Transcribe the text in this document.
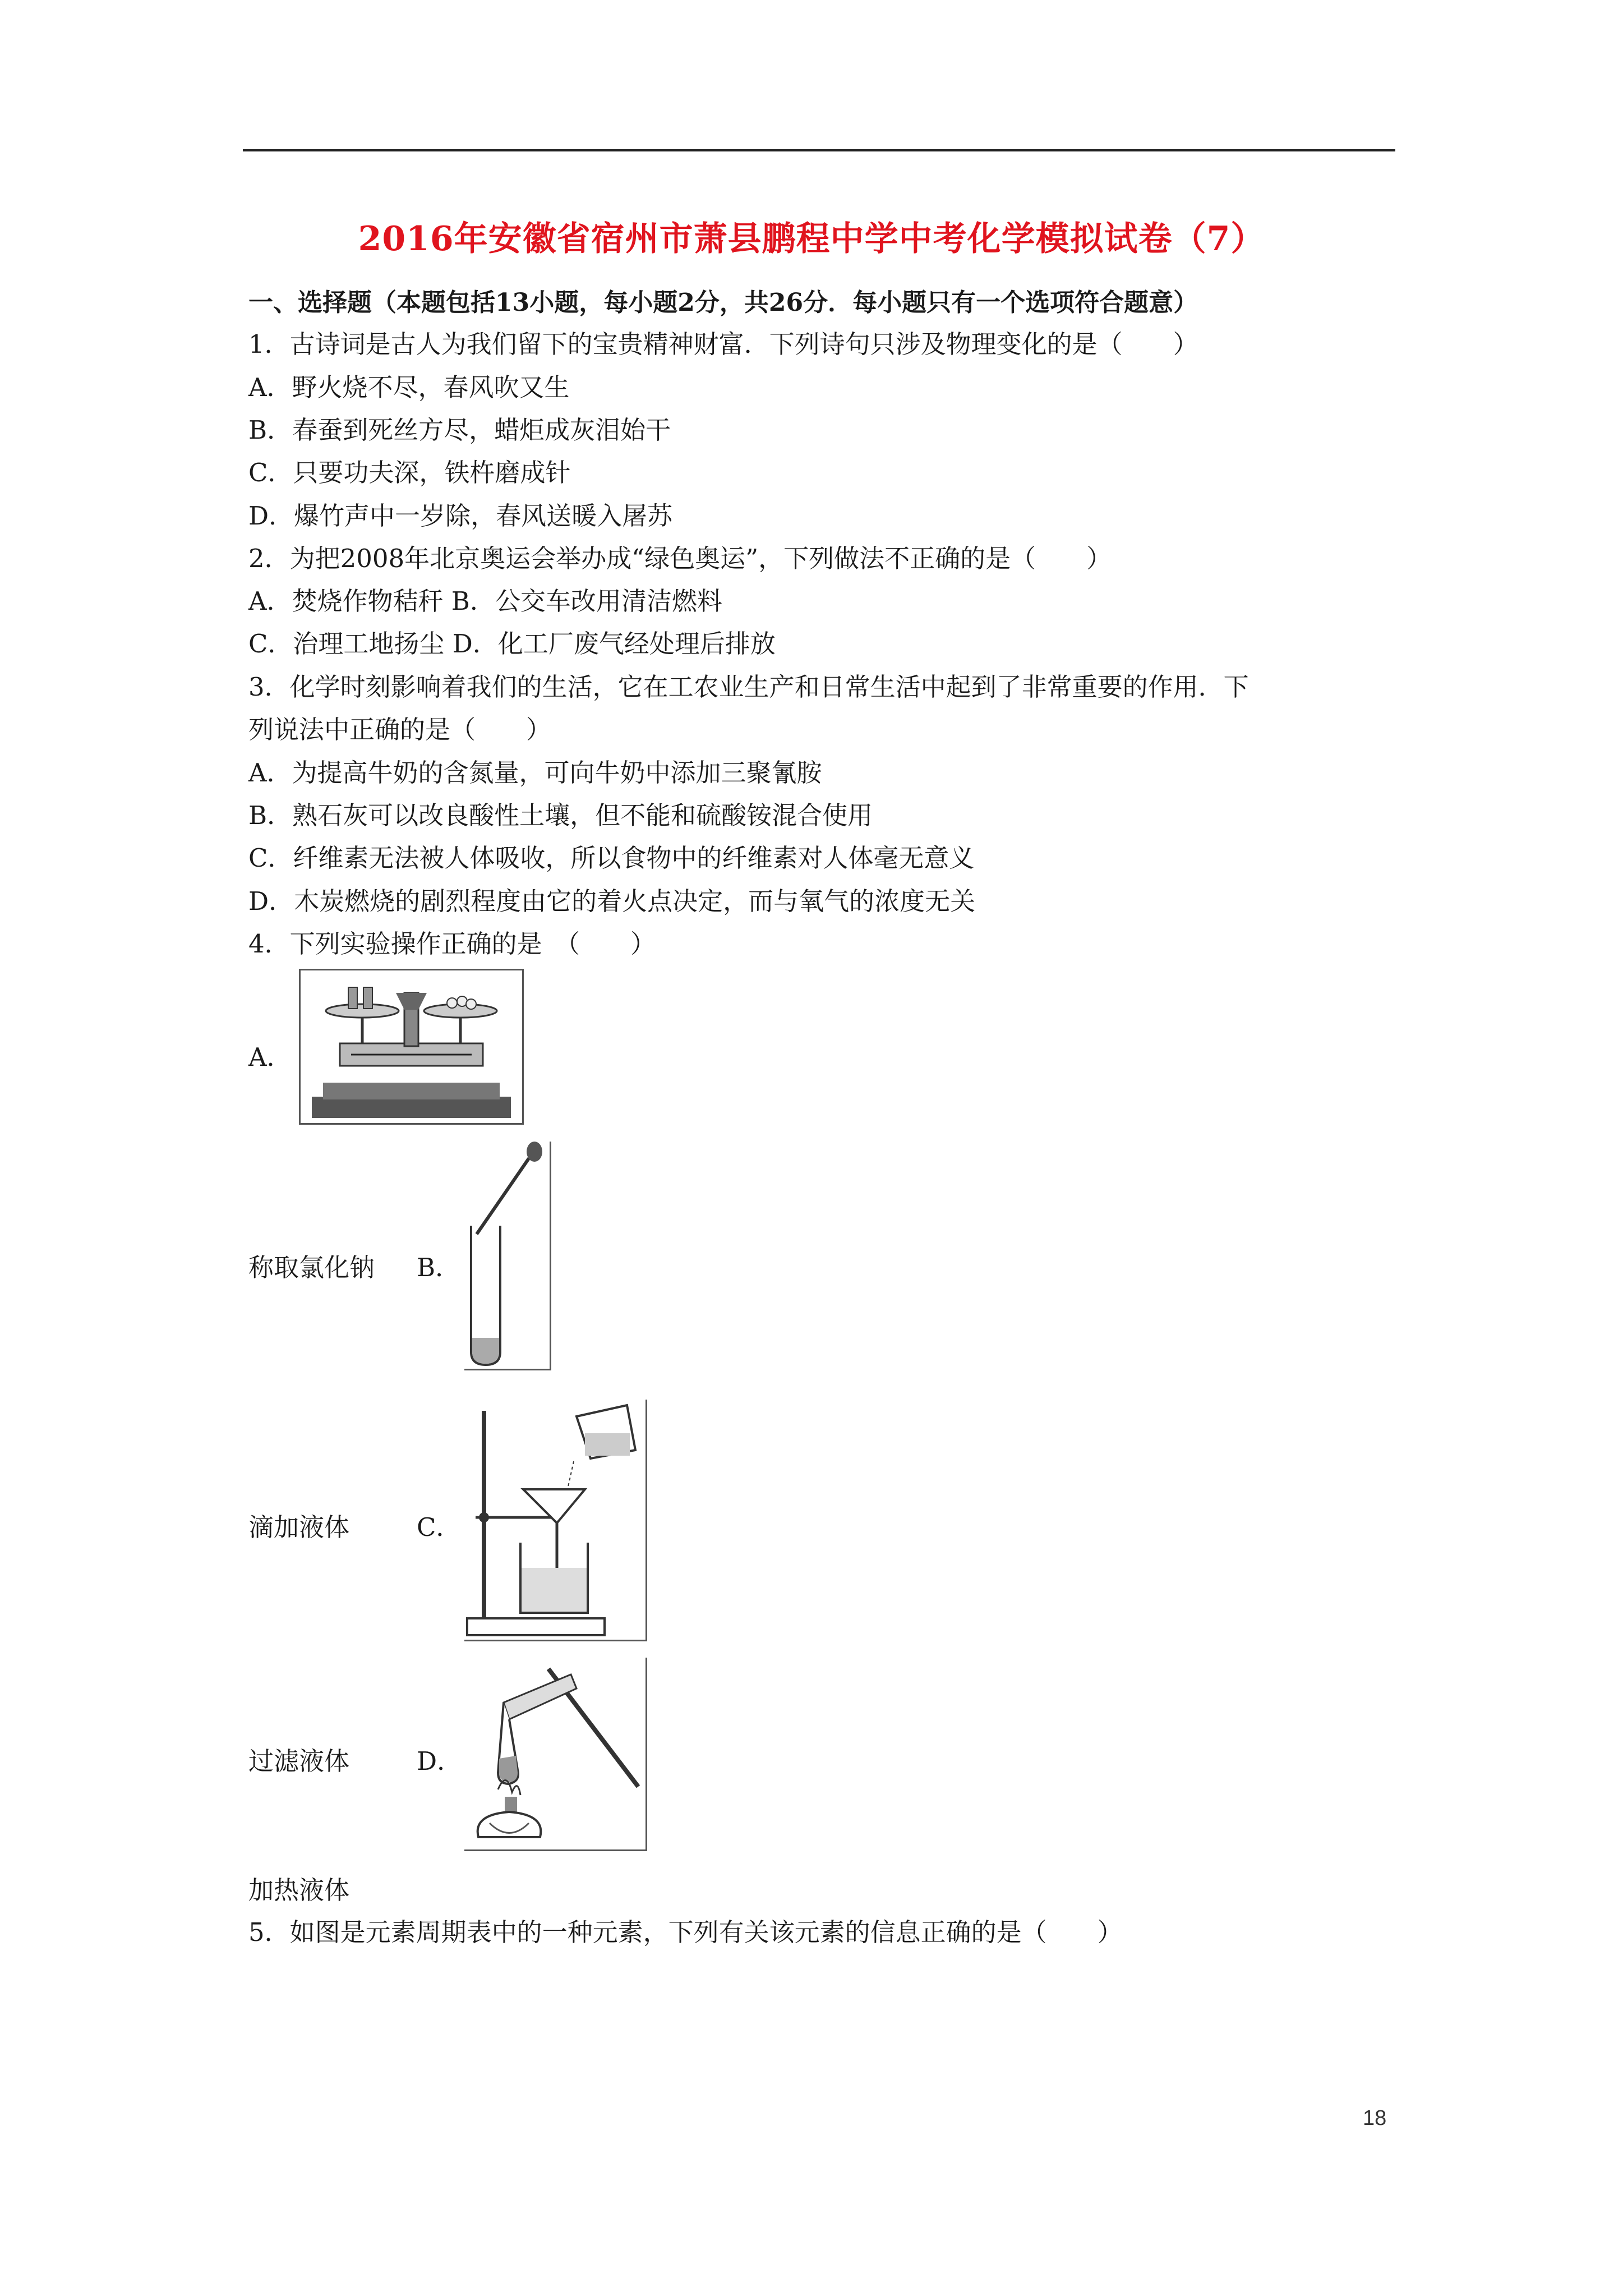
2016年安徽省宿州市萧县鹏程中学中考化学模拟试卷（7）
一、选择题（本题包括13小题，每小题2分，共26分．每小题只有一个选项符合题意）
1．古诗词是古人为我们留下的宝贵精神财富．下列诗句只涉及物理变化的是（　　）
A．野火烧不尽，春风吹又生
B．春蚕到死丝方尽，蜡炬成灰泪始干
C．只要功夫深，铁杵磨成针
D．爆竹声中一岁除，春风送暖入屠苏
2．为把2008年北京奥运会举办成“绿色奥运”，下列做法不正确的是（　　）
A．焚烧作物秸秆 B．公交车改用清洁燃料
C．治理工地扬尘 D．化工厂废气经处理后排放
3．化学时刻影响着我们的生活，它在工农业生产和日常生活中起到了非常重要的作用．下
列说法中正确的是（　　）
A．为提高牛奶的含氮量，可向牛奶中添加三聚氰胺
B．熟石灰可以改良酸性土壤，但不能和硫酸铵混合使用
C．纤维素无法被人体吸收，所以食物中的纤维素对人体毫无意义
D．木炭燃烧的剧烈程度由它的着火点决定，而与氧气的浓度无关
4．下列实验操作正确的是　（　　）
A．
称取氯化钠 B．
滴加液体	C．
过滤液体	D．
加热液体
5．如图是元素周期表中的一种元素，下列有关该元素的信息正确的是（　　）
18
